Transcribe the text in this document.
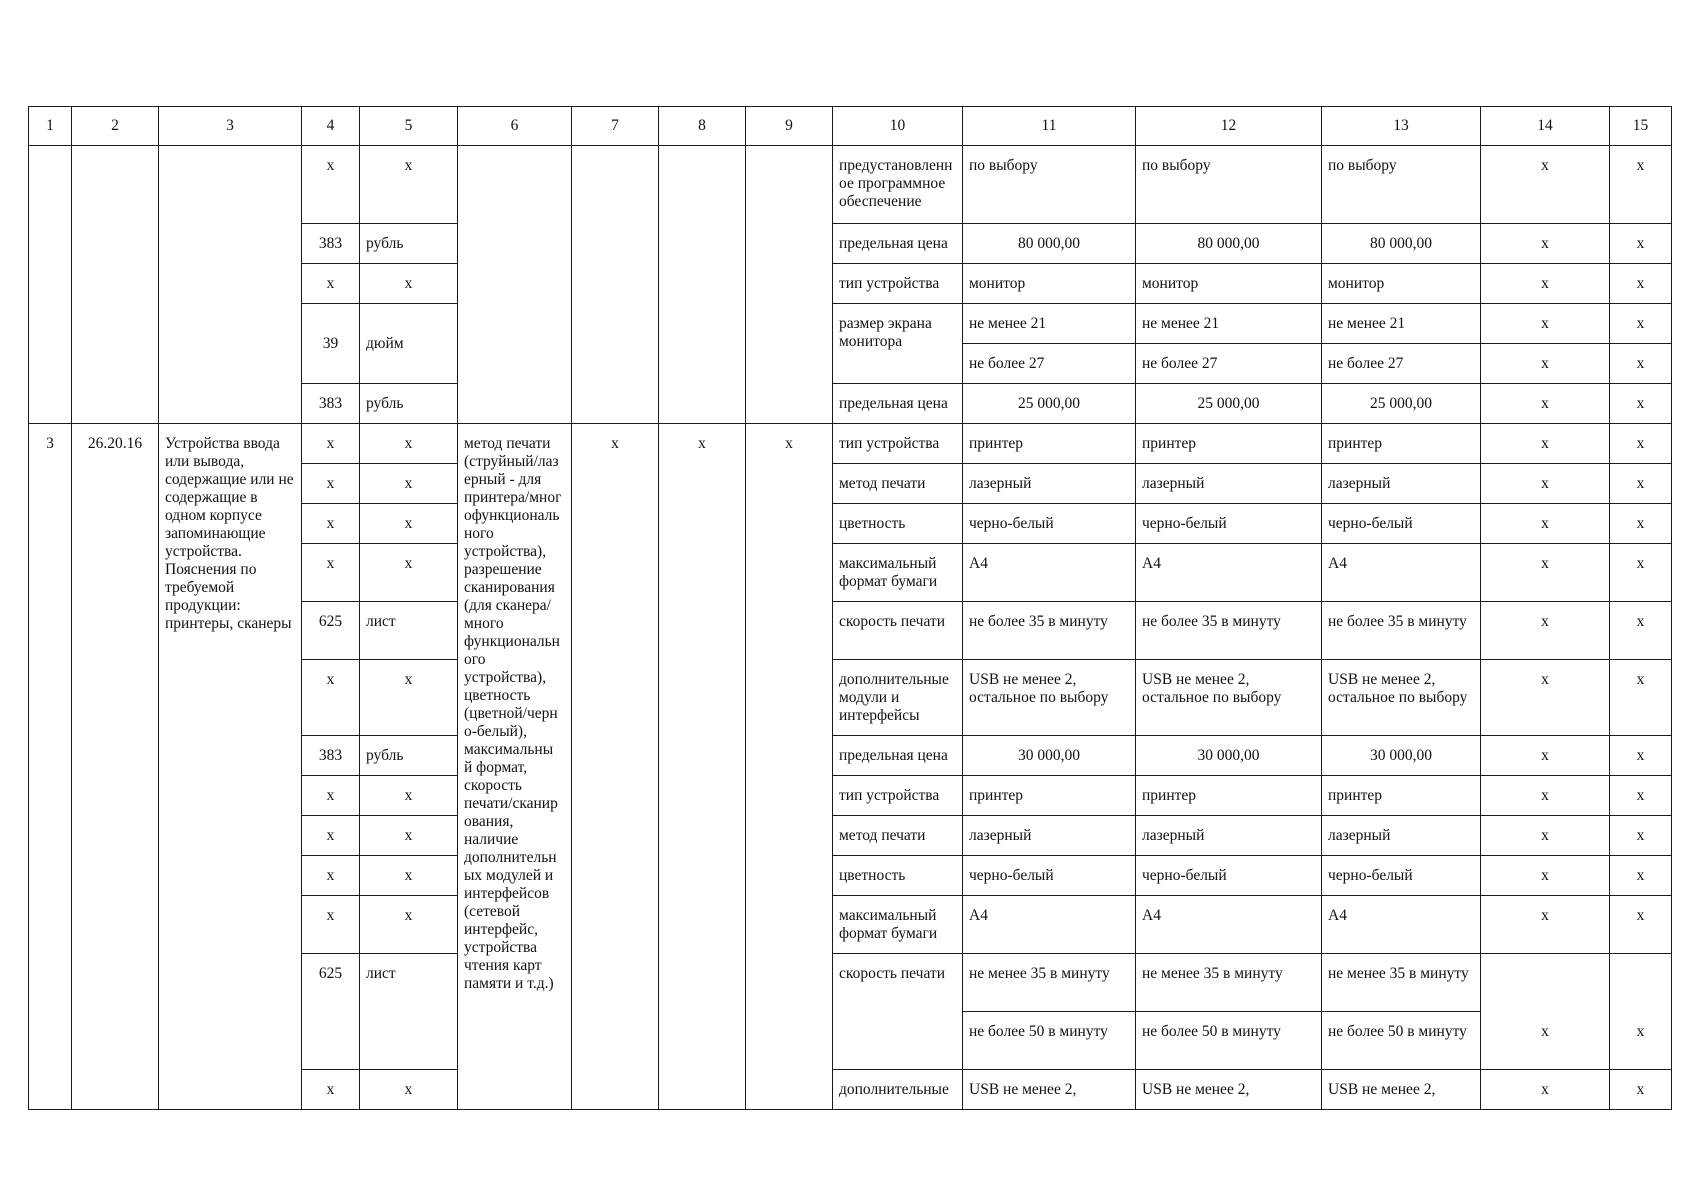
1	2	3	4	5	6	7	8	9	10	11	12	13	14	15
			x	x					предустановленн ое программное обеспечение	по выбору	по выбору	по выбору	x	x
			383	рубль					предельная цена	80 000,00	80 000,00	80 000,00	x	x
			x	x					тип устройства	монитор	монитор	монитор	x	x
			39	дюйм					размер экрана монитора	не менее 21	не менее 21	не менее 21	x	x
										не более 27	не более 27	не более 27	x	x
			383	рубль					предельная цена	25 000,00	25 000,00	25 000,00	x	x
3	26.20.16	Устройства ввода или вывода, содержащие или не содержащие в одном корпусе запоминающие устройства. Пояснения по требуемой продукции: принтеры, сканеры	x	x	метод печати (струйный/лаз ерный - для принтера/мног офункциональ ного устройства), разрешение сканирования (для сканера/много функциональн ого устройства), цветность (цветной/черн о-белый), максимальны й формат, скорость печати/сканир ования, наличие дополнительн ых модулей и интерфейсов (сетевой интерфейс, устройства чтения карт памяти и т.д.)	x	x	x	тип устройства	принтер	принтер	принтер	x	x
			x	x					метод печати	лазерный	лазерный	лазерный	x	x
			x	x					цветность	черно-белый	черно-белый	черно-белый	x	x
			x	x					максимальный формат бумаги	А4	А4	А4	x	x
			625	лист					скорость печати	не более 35 в минуту	не более 35 в минуту	не более 35 в минуту	x	x
			x	x					дополнительные модули и интерфейсы	USB не менее 2, остальное по выбору	USB не менее 2, остальное по выбору	USB не менее 2, остальное по выбору	x	x
			383	рубль					предельная цена	30 000,00	30 000,00	30 000,00	x	x
			x	x					тип устройства	принтер	принтер	принтер	x	x
			x	x					метод печати	лазерный	лазерный	лазерный	x	x
			x	x					цветность	черно-белый	черно-белый	черно-белый	x	x
			x	x					максимальный формат бумаги	А4	А4	А4	x	x
			625	лист					скорость печати	не менее 35 в минуту	не менее 35 в минуту	не менее 35 в минуту		
										не более 50 в минуту	не более 50 в минуту	не более 50 в минуту	x	x
			x	x					дополнительные	USB не менее 2,	USB не менее 2,	USB не менее 2,	x	x
